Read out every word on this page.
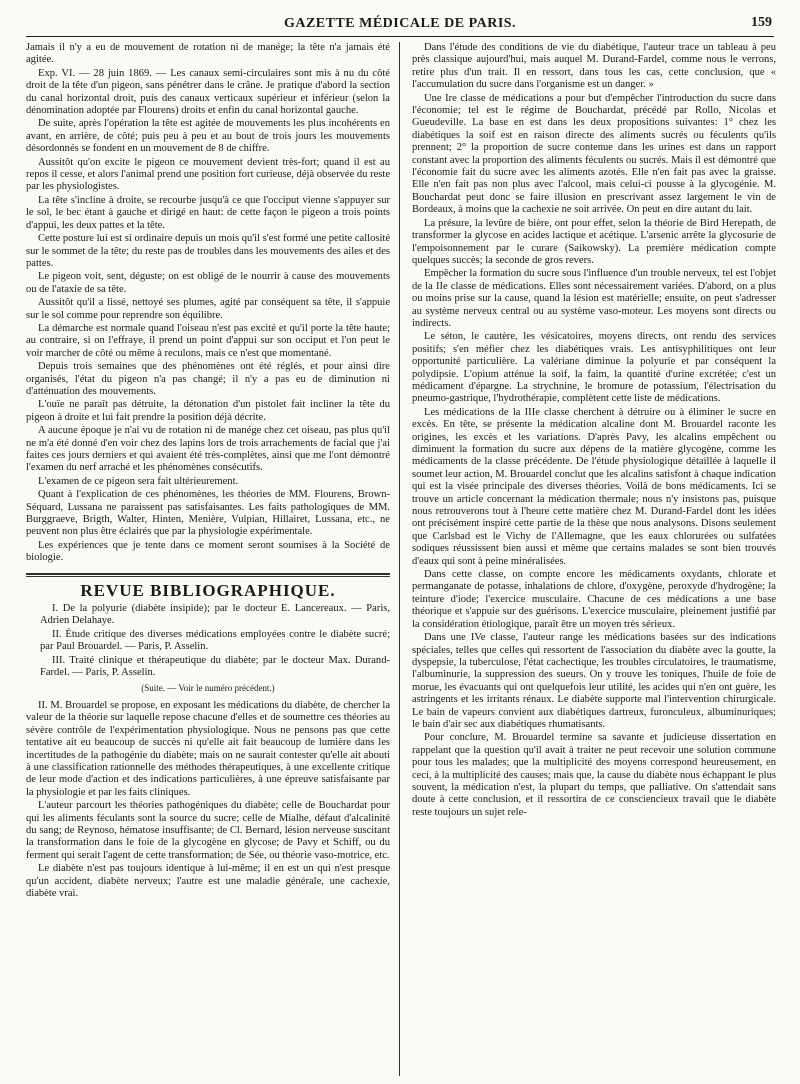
GAZETTE MÉDICALE DE PARIS.	159

Jamais il n'y a eu de mouvement de rotation ni de manége; la tête n'a jamais été agitée.

Exp. VI. — 28 juin 1869. — Les canaux semi-circulaires sont mis à nu du côté droit de la tête d'un pigeon, sans pénétrer dans le crâne. Je pratique d'abord la section du canal horizontal droit, puis des canaux verticaux supérieur et inférieur (selon la dénomination adoptée par Flourens) droits et enfin du canal horizontal gauche.

De suite, après l'opération la tête est agitée de mouvements les plus incohérents en avant, en arrière, de côté; puis peu à peu et au bout de trois jours les mouvements désordonnés se fondent en un mouvement de 8 de chiffre.

Aussitôt qu'on excite le pigeon ce mouvement devient très-fort; quand il est au repos il cesse, et alors l'animal prend une position fort curieuse, déjà observée du reste par les physiologistes.

La tête s'incline à droite, se recourbe jusqu'à ce que l'occiput vienne s'appuyer sur le sol, le bec étant à gauche et dirigé en haut: de cette façon le pigeon a trois points d'appui, les deux pattes et la tête.

Cette posture lui est si ordinaire depuis un mois qu'il s'est formé une petite callosité sur le sommet de la tête; du reste pas de troubles dans les mouvements des ailes et des pattes.

Le pigeon voit, sent, déguste; on est obligé de le nourrir à cause des mouvements ou de l'ataxie de sa tête.

Aussitôt qu'il a lissé, nettoyé ses plumes, agité par conséquent sa tête, il s'appuie sur le sol comme pour reprendre son équilibre.

La démarche est normale quand l'oiseau n'est pas excité et qu'il porte la tête haute; au contraire, si on l'effraye, il prend un point d'appui sur son occiput et l'on peut le voir marcher de côté ou même à reculons, mais ce n'est que momentané.

Depuis trois semaines que des phénomènes ont été réglés, et pour ainsi dire organisés, l'état du pigeon n'a pas changé; il n'y a pas eu de diminution ni d'atténuation des mouvements.

L'ouïe ne paraît pas détruite, la détonation d'un pistolet fait incliner la tête du pigeon à droite et lui fait prendre la position déjà décrite.

A aucune époque je n'ai vu de rotation ni de manége chez cet oiseau, pas plus qu'il ne m'a été donné d'en voir chez des lapins lors de trois arrachements de facial que j'ai faites ces jours derniers et qui avaient été très-complètes, ainsi que me l'ont démontré l'examen du nerf arraché et les phénomènes consécutifs.

L'examen de ce pigeon sera fait ultérieurement.

Quant à l'explication de ces phénomènes, les théories de MM. Flourens, Brown-Séquard, Lussana ne paraissent pas satisfaisantes. Les faits pathologiques de MM. Burggraeve, Brigth, Walter, Hinten, Menière, Vulpian, Hillairet, Lussana, etc., ne peuvent non plus être éclairés que par la physiologie expérimentale.

Les expériences que je tente dans ce moment seront soumises à la Société de biologie.

REVUE BIBLIOGRAPHIQUE.

I. De la polyurie (diabète insipide); par le docteur E. Lancereaux. — Paris, Adrien Delahaye.

II. Étude critique des diverses médications employées contre le diabète sucré; par Paul Brouardel. — Paris, P. Asselin.

III. Traité clinique et thérapeutique du diabète; par le docteur Max. Durand-Fardel. — Paris, P. Asselin.

(Suite. — Voir le numéro précédent.)

II. M. Brouardel se propose, en exposant les médications du diabète, de chercher la valeur de la théorie sur laquelle repose chacune d'elles et de soumettre ces théories au sévère contrôle de l'expérimentation physiologique. Nous ne pensons pas que cette tentative ait eu beaucoup de succès ni qu'elle ait fait beaucoup de lumière dans les incertitudes de la pathogénie du diabète; mais on ne saurait contester qu'elle ait abouti à une classification rationnelle des méthodes thérapeutiques, à une excellente critique de leur mode d'action et des indications particulières, à une épreuve satisfaisante par la physiologie et par les faits cliniques.

L'auteur parcourt les théories pathogéniques du diabète; celle de Bouchardat pour qui les aliments féculants sont la source du sucre; celle de Mialhe, défaut d'alcalinité du sang; de Reynoso, hématose insuffisante; de Cl. Bernard, lésion nerveuse suscitant la transformation dans le foie de la glycogène en glycose; de Pavy et Schiff, ou du ferment qui serait l'agent de cette transformation; de Sée, ou théorie vaso-motrice, etc.

Le diabète n'est pas toujours identique à lui-même; il en est un qui n'est presque qu'un accident, diabète nerveux; l'autre est une maladie générale, une cachexie, diabète vrai.

Dans l'étude des conditions de vie du diabétique, l'auteur trace un tableau à peu près classique aujourd'hui, mais auquel M. Durand-Fardel, comme nous le verrons, retire plus d'un trait. Il en ressort, dans tous les cas, cette conclusion, que « l'accumulation du sucre dans l'organisme est un danger. »

Une Ire classe de médications a pour but d'empêcher l'introduction du sucre dans l'économie; tel est le régime de Bouchardat, précédé par Rollo, Nicolas et Gueudeville. La base en est dans les deux propositions suivantes: 1° chez les diabétiques la soif est en raison directe des aliments sucrés ou féculents qu'ils prennent; 2° la proportion de sucre contenue dans les urines est dans un rapport constant avec la proportion des aliments féculents ou sucrés. Mais il est démontré que l'économie fait du sucre avec les aliments azotés. Elle n'en fait pas avec la graisse. Elle n'en fait pas non plus avec l'alcool, mais celui-ci pousse à la glycogénie. M. Bouchardat peut donc se faire illusion en prescrivant assez largement le vin de Bordeaux, à moins que la cachexie ne soit arrivée. On peut en dire autant du lait.

La présure, la levûre de bière, ont pour effet, selon la théorie de Bird Herepath, de transformer la glycose en acides lactique et acétique. L'arsenic arrête la glycosurie de l'empoisonnement par le curare (Saikowsky). La première médication compte quelques succès; la seconde de gros revers.

Empêcher la formation du sucre sous l'influence d'un trouble nerveux, tel est l'objet de la IIe classe de médications. Elles sont nécessairement variées. D'abord, on a plus ou moins prise sur la cause, quand la lésion est matérielle; ensuite, on peut s'adresser au système nerveux central ou au système vaso-moteur. Les moyens sont directs ou indirects.

Le séton, le cautère, les vésicatoires, moyens directs, ont rendu des services positifs; s'en méfier chez les diabétiques vrais. Les antisyphilitiques ont leur opportunité particulière. La valériane diminue la polyurie et par conséquent la polydipsie. L'opium atténue la soif, la faim, la quantité d'urine excrétée; c'est un médicament d'épargne. La strychnine, le bromure de potassium, l'électrisation du pneumo-gastrique, l'hydrothérapie, complètent cette liste de médications.

Les médications de la IIIe classe cherchent à détruire ou à éliminer le sucre en excès. En tête, se présente la médication alcaline dont M. Brouardel raconte les origines, les excès et les variations. D'après Pavy, les alcalins empêchent ou diminuent la formation du sucre aux dépens de la matière glycogène, comme les médicaments de la classe précédente. De l'étude physiologique détaillée à laquelle il soumet leur action, M. Brouardel conclut que les alcalins satisfont à chaque indication qui est la visée principale des diverses théories. Voilà de bons médicaments. Ici se trouve un article concernant la médication thermale; nous n'y insistons pas, puisque nous retrouverons tout à l'heure cette matière chez M. Durand-Fardel dont les idées ont précisément inspiré cette partie de la thèse que nous analysons. Disons seulement que Carlsbad est le Vichy de l'Allemagne, que les eaux chlorurées ou sulfatées sodiques réussissent bien aussi et même que certains malades se sont bien trouvés d'eaux qui sont à peine minéralisées.

Dans cette classe, on compte encore les médicaments oxydants, chlorate et permanganate de potasse, inhalations de chlore, d'oxygène, peroxyde d'hydrogène; la teinture d'iode; l'exercice musculaire. Chacune de ces médications a une base théorique et s'appuie sur des guérisons. L'exercice musculaire, pleinement justifié par la considération étiologique, paraît être un moyen très sérieux.

Dans une IVe classe, l'auteur range les médications basées sur des indications spéciales, telles que celles qui ressortent de l'association du diabète avec la goutte, la dyspepsie, la tuberculose, l'état cachectique, les troubles circulatoires, le traumatisme, l'albuminurie, la suppression des sueurs. On y trouve les toniques, l'huile de foie de morue, les évacuants qui ont quelquefois leur utilité, les acides qui n'en ont guère, les astringents et les irritants rénaux. Le diabète supporte mal l'intervention chirurgicale. Le bain de vapeurs convient aux diabétiques dartreux, furonculeux, albuminuriques; le bain d'air sec aux diabétiques rhumatisants.

Pour conclure, M. Brouardel termine sa savante et judicieuse dissertation en rappelant que la question qu'il avait à traiter ne peut recevoir une solution commune pour tous les malades; que la multiplicité des moyens correspond heureusement, en ceci, à la multiplicité des causes; mais que, la cause du diabète nous échappant le plus souvent, la médication n'est, la plupart du temps, que palliative. On s'attendait sans doute à cette conclusion, et il ressortira de ce consciencieux travail que le diabète reste toujours un sujet rele-
